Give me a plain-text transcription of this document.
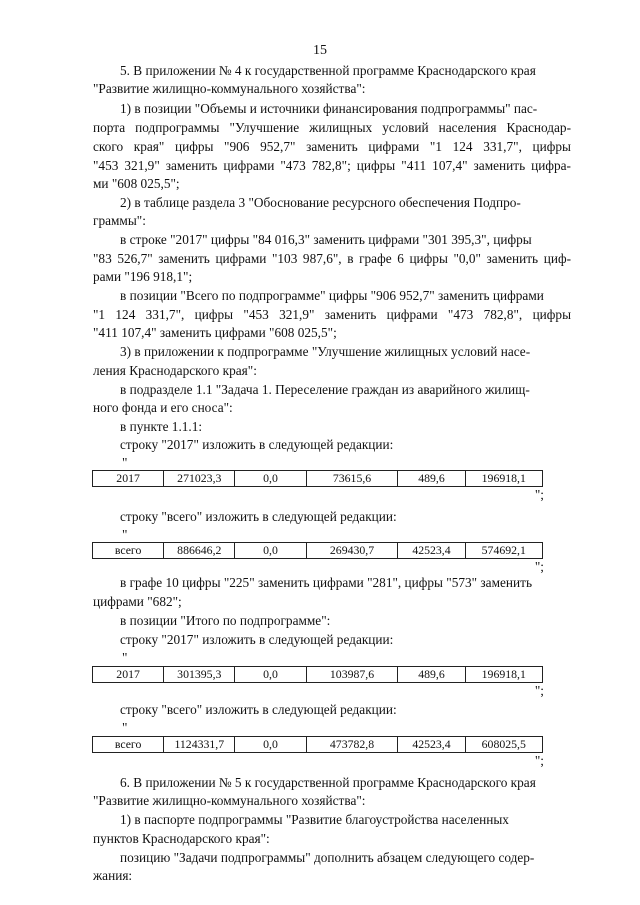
15
5. В приложении № 4 к государственной программе Краснодарского края
"Развитие жилищно-коммунального хозяйства":
1) в позиции "Объемы и источники финансирования подпрограммы" пас-
порта подпрограммы "Улучшение жилищных условий населения Краснодар-
ского края" цифры "906 952,7" заменить цифрами "1 124 331,7", цифры
"453 321,9" заменить цифрами "473 782,8"; цифры "411 107,4" заменить цифра-
ми "608 025,5";
2) в таблице раздела 3 "Обоснование ресурсного обеспечения Подпро-
граммы":
в строке "2017" цифры "84 016,3" заменить цифрами "301 395,3", цифры
"83 526,7" заменить цифрами "103 987,6", в графе 6 цифры "0,0" заменить циф-
рами "196 918,1";
в позиции "Всего по подпрограмме" цифры "906 952,7" заменить цифрами
"1 124 331,7", цифры "453 321,9" заменить цифрами "473 782,8", цифры
"411 107,4" заменить цифрами "608 025,5";
3) в приложении к подпрограмме "Улучшение жилищных условий насе-
ления Краснодарского края":
в подразделе 1.1 "Задача 1. Переселение граждан из аварийного жилищ-
ного фонда и его сноса":
в пункте 1.1.1:
строку "2017" изложить в следующей редакции:
"
2017	271023,3	0,0	73615,6	489,6	196918,1
";
строку "всего" изложить в следующей редакции:
"
всего	886646,2	0,0	269430,7	42523,4	574692,1
";
в графе 10 цифры "225" заменить цифрами "281", цифры "573" заменить
цифрами "682";
в позиции "Итого по подпрограмме":
строку "2017" изложить в следующей редакции:
"
2017	301395,3	0,0	103987,6	489,6	196918,1
";
строку "всего" изложить в следующей редакции:
"
всего	1124331,7	0,0	473782,8	42523,4	608025,5
";
6. В приложении № 5 к государственной программе Краснодарского края
"Развитие жилищно-коммунального хозяйства":
1) в паспорте подпрограммы "Развитие благоустройства населенных
пунктов Краснодарского края":
позицию "Задачи подпрограммы" дополнить абзацем следующего содер-
жания:
